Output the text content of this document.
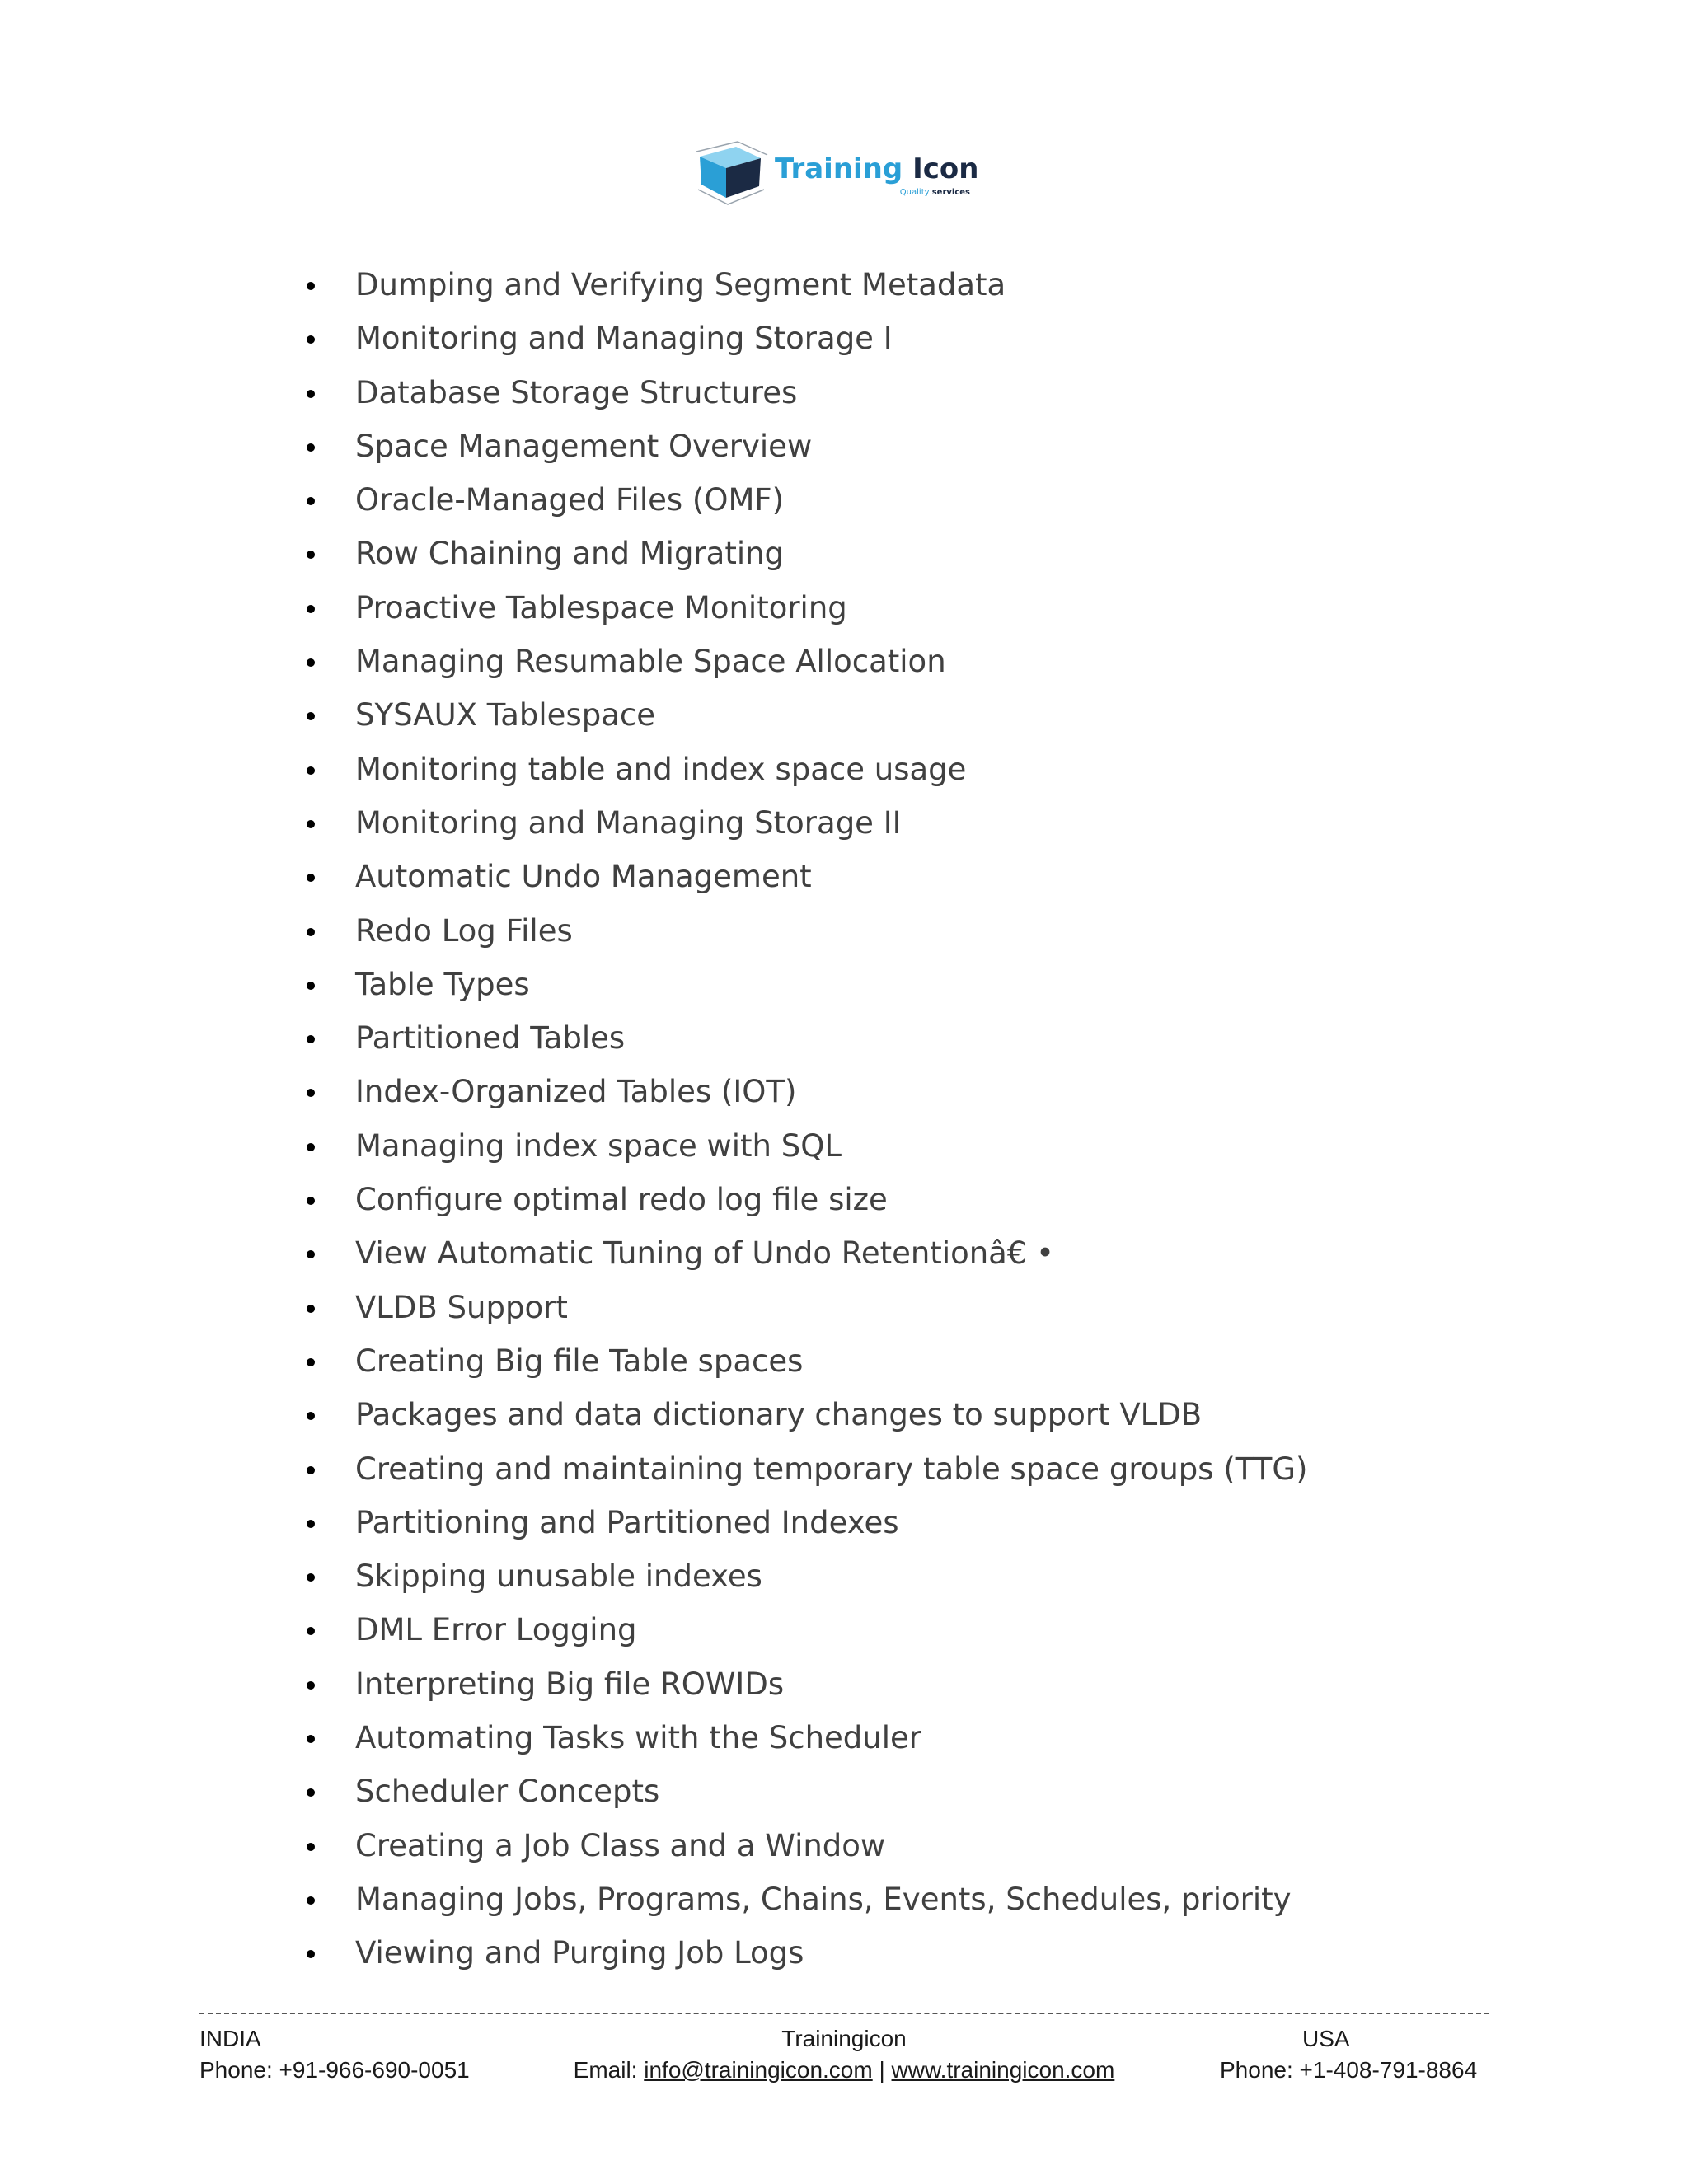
Training Icon
Quality services
Dumping and Verifying Segment Metadata
Monitoring and Managing Storage I
Database Storage Structures
Space Management Overview
Oracle-Managed Files (OMF)
Row Chaining and Migrating
Proactive Tablespace Monitoring
Managing Resumable Space Allocation
SYSAUX Tablespace
Monitoring table and index space usage
Monitoring and Managing Storage II
Automatic Undo Management
Redo Log Files
Table Types
Partitioned Tables
Index-Organized Tables (IOT)
Managing index space with SQL
Configure optimal redo log file size
View Automatic Tuning of Undo Retentionâ€ •
VLDB Support
Creating Big file Table spaces
Packages and data dictionary changes to support VLDB
Creating and maintaining temporary table space groups (TTG)
Partitioning and Partitioned Indexes
Skipping unusable indexes
DML Error Logging
Interpreting Big file ROWIDs
Automating Tasks with the Scheduler
Scheduler Concepts
Creating a Job Class and a Window
Managing Jobs, Programs, Chains, Events, Schedules, priority
Viewing and Purging Job Logs
INDIA
Phone: +91-966-690-0051
Trainingicon
Email: info@trainingicon.com | www.trainingicon.com
USA
Phone: +1-408-791-8864
